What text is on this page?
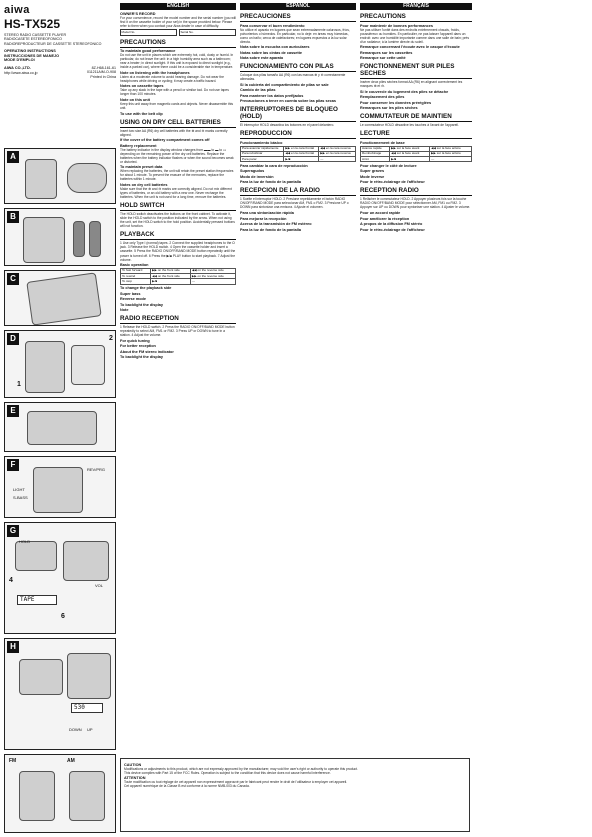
aiwa
HS-TX525
STEREO RADIO CASSETTE PLAYER
RADIOCASETE ESTEREOFONICO
RADIOREPRODUCTEUR DE CASSETTE STEREOFONICO
OPERATING INSTRUCTIONS
INSTRUCCIONES DE MANEJO
MODE D'EMPLOI
AIWA CO.,LTD.
http://www.aiwa.co.jp
8Z-H68-161-61
011211AIM-O-908
Printed in China
A
B
C
D	2
1
E
F
REV/PRG
LIGHT
S-BASS
G
HOLD
VOL
TAPE
4
6
H
530
DOWN UP
FM	AM
ENGLISH
OWNER'S RECORD
For your convenience, record the model number and the serial number (you will find it on the cassette holder of your set) in the space provided below. Please refer to them when you contact your Aiwa dealer in case of difficulty.
Model No.	Serial No.
PRECAUTIONS
To maintain good performance
Do not use the unit in places which are extremely hot, cold, dusty or humid. In particular, do not leave the unit: in a high humidity area such as a bathroom; near a heater; in direct sunlight. If this unit is exposed to direct sunlight (e.g., inside a parked car), where there could be a considerable rise in temperature.
Note on listening with the headphones
Listen at a moderate volume to avoid hearing damage. Do not wear the headphones while driving or cycling; it may create a traffic hazard.
Notes on cassette tapes
Take up any slack in the tape with a pencil or similar tool. Do not use tapes longer than 100 minutes.
Note on this unit
Keep this unit away from magnetic cards and objects. Never disassemble this unit.
To use with the belt clip
USING ON DRY CELL BATTERIES
Insert two size AA (R6) dry cell batteries with the ⊕ and ⊖ marks correctly aligned.
If the cover of the battery compartment comes off
Battery replacement
The battery indicator in the display window changes from ▬▬ to ▬ to ▭ depending on the remaining power of the dry cell batteries. Replace the batteries when the battery indicator flashes or when the sound becomes weak or distorted.
To maintain preset data
When replacing the batteries, the unit will retain the preset station frequencies for about 1 minute. To prevent the erasure of the memories, replace the batteries within 1 minute.
Notes on dry cell batteries
Make sure that the ⊕ and ⊖ marks are correctly aligned. Do not mix different types of batteries, or an old battery with a new one. Never recharge the batteries. When the unit is not used for a long time, remove the batteries.
HOLD SWITCH
The HOLD switch deactivates the buttons on the front cabinet. To activate it, slide the HOLD switch to the position indicated by the arrow. When not using the unit, set the HOLD switch to the hold position. Accidentally pressed buttons will not function.
PLAYBACK
1 Use only Type I (normal) tapes. 2 Connect the supplied headphones to the Ω jack. 3 Release the HOLD switch. 4 Open the cassette holder and insert a cassette. 5 Press the RADIO ON/OFF/BAND MODE button repeatedly until the power is turned off. 6 Press the ▶/■ PLAY button to start playback. 7 Adjust the volume.
Basic operation
To fast forward	▶▶ on the front side	◀◀ on the reverse side
To rewind	◀◀ on the front side	▶▶ on the reverse side
To stop	▶/■	—
To change the playback side
Super bass
Reverse mode
To backlight the display
Note
RADIO RECEPTION
1 Release the HOLD switch. 2 Press the RADIO ON/OFF/BAND MODE button repeatedly to select AM, FM1 or FM2. 3 Press UP or DOWN to tune in a station. 4 Adjust the volume.
For quick tuning
For better reception
About the FM stereo indicator
To backlight the display
ESPAÑOL
PRECAUCIONES
Para conservar el buen rendimiento
No utilice el aparato en lugares que sean extremadamente calurosos, fríos, polvorientos o húmedos. En particular, no lo deje: en áreas muy húmedas, como un baño; cerca de calefactores; en lugares expuestos a la luz solar directa.
Nota sobre la escucha con auriculares
Notas sobre las cintas de cassette
Nota sobre este aparato
FUNCIONAMIENTO CON PILAS
Coloque dos pilas tamaño AA (R6) con las marcas ⊕ y ⊖ correctamente alineadas.
Si la cubierta del compartimiento de pilas se sale
Cambio de las pilas
Para mantener los datos prefijados
Precauciones a tener en cuenta sobre las pilas secas
INTERRUPTORES DE BLOQUEO (HOLD)
El interruptor HOLD desactiva los botones en el panel delantero.
REPRODUCCION
Funcionamiento básico
Para avanzar rápidamente	▶▶ en la cara frontal	◀◀ en la cara reversa
Para rebobinar	◀◀ en la cara frontal	▶▶ en la cara reversa
Para parar	▶/■	—
Para cambiar la cara de reproducción
Superagudos
Modo de inversión
Para la luz de fondo de la pantalla
RECEPCION DE LA RADIO
1 Suelte el interruptor HOLD. 2 Presione repetidamente el botón RADIO ON/OFF/BAND MODE para seleccionar AM, FM1 o FM2. 3 Presione UP o DOWN para sintonizar una emisora. 4 Ajuste el volumen.
Para una sintonización rápida
Para mejorar la recepción
Acerca de la transmisión de FM estéreo
Para la luz de fondo de la pantalla
FRANÇAIS
PRECAUTIONS
Pour maintenir de bonnes performances
Ne pas utiliser l'unité dans des endroits extrêmement chauds, froids, poussiéreux ou humides. En particulier, ne pas laisser l'appareil dans un endroit: avec une humidité importante comme dans une salle de bain; près d'un radiateur; à la lumière directe du soleil.
Remarque concernant l'écoute avec le casque d'écoute
Remarques sur les cassettes
Remarque sur cette unité
FONCTIONNEMENT SUR PILES SECHES
Insérer deux piles sèches format AA (R6) en alignant correctement les marques ⊕ et ⊖.
Si le couvercle du logement des piles se détache
Remplacement des piles
Pour conserver les données préréglées
Remarques sur les piles sèches
COMMUTATEUR DE MAINTIEN
Le commutateur HOLD désactive les touches à l'avant de l'appareil.
LECTURE
Fonctionnement de base
Avance rapide	▶▶ sur la face avant	◀◀ sur la face arrière
Rembobinage	◀◀ sur la face avant	▶▶ sur la face arrière
Arrêt	▶/■	—
Pour changer le côté de lecture
Super graves
Mode inverse
Pour le rétro-éclairage de l'afficheur
RECEPTION RADIO
1 Relâcher le commutateur HOLD. 2 Appuyer plusieurs fois sur la touche RADIO ON/OFF/BAND MODE pour sélectionner AM, FM1 ou FM2. 3 Appuyer sur UP ou DOWN pour syntoniser une station. 4 Ajuster le volume.
Pour un accord rapide
Pour améliorer la réception
A propos de la diffusion FM stéréo
Pour le rétro-éclairage de l'afficheur
CAUTION
Modifications or adjustments to this product, which are not expressly approved by the manufacturer, may void the user's right or authority to operate this product.
This device complies with Part 15 of the FCC Rules. Operation is subject to the condition that this device does not cause harmful interference.
ATTENTION
Toute modification ou tout réglage de cet appareil non expressément approuvé par le fabricant peut rendre le droit de l'utilisateur à employer cet appareil.
Cet appareil numérique de la Classe B est conforme à la norme NMB-003 du Canada.
